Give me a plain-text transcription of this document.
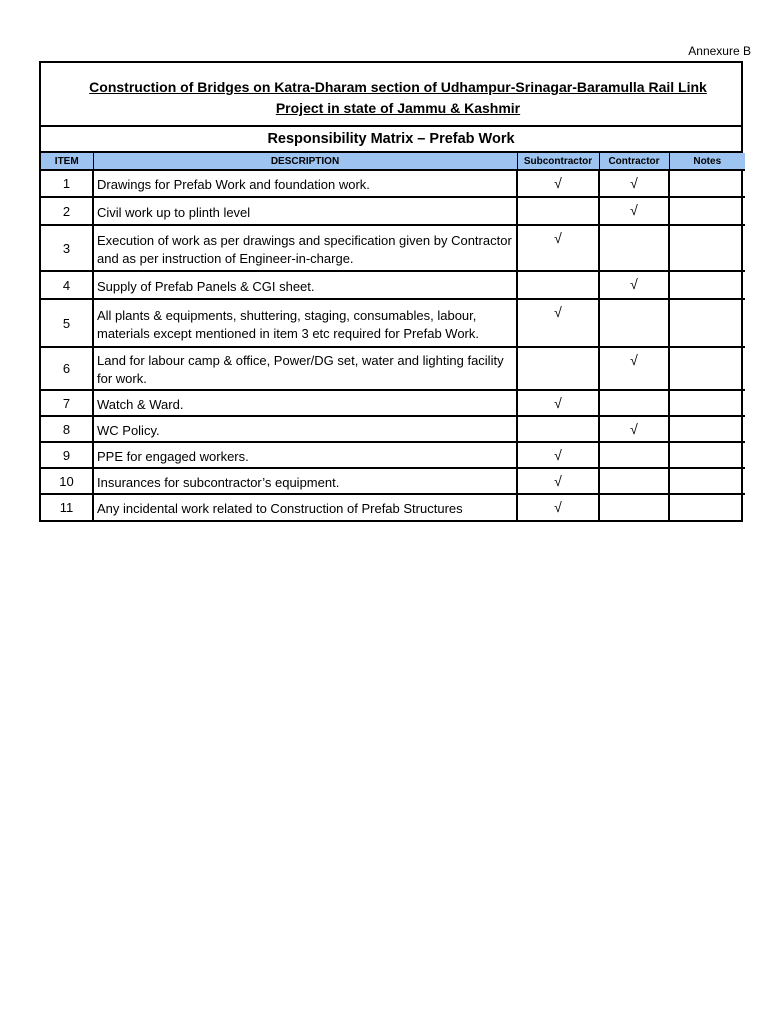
Annexure B
Construction of Bridges on Katra-Dharam section of Udhampur-Srinagar-Baramulla Rail Link
Project in state of Jammu & Kashmir
Responsibility Matrix – Prefab Work
ITEM	DESCRIPTION	Subcontractor	Contractor	Notes
1	Drawings for Prefab Work and foundation work.	√	√	
2	Civil work up to plinth level		√	
3	Execution of work as per drawings and specification given by Contractor and as per instruction of Engineer-in-charge.	√		
4	Supply of Prefab Panels & CGI sheet.		√	
5	All plants & equipments, shuttering, staging, consumables, labour, materials except mentioned in item 3 etc required for Prefab Work.	√		
6	Land for labour camp & office, Power/DG set, water and lighting facility for work.		√	
7	Watch & Ward.	√		
8	WC Policy.		√	
9	PPE for engaged workers.	√		
10	Insurances for subcontractor’s equipment.	√		
11	Any incidental work related to Construction of Prefab Structures	√		
